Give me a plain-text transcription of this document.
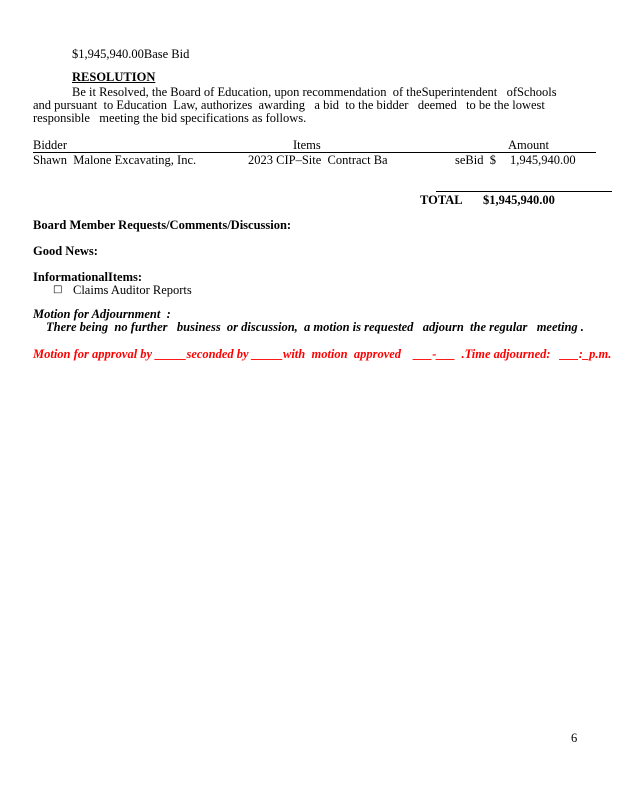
$1,945,940.00Base Bid
RESOLUTION
Be it Resolved, the Board of Education, upon recommendation  of theSuperintendent   ofSchools
and pursuant  to Education  Law, authorizes  awarding   a bid  to the bidder   deemed   to be the lowest
responsible   meeting the bid specifications as follows.
Bidder	Items	Amount
Shawn  Malone Excavating, Inc.	2023 CIP–Site  Contract Ba	seBid  $ 1,945,940.00
TOTAL $1,945,940.00
Board Member Requests/Comments/Discussion:
Good News:
InformationalItems:
□ Claims Auditor Reports
Motion for Adjournment  :
There being  no further   business  or discussion,  a motion is requested   adjourn  the regular   meeting .
Motion for approval by _____seconded by _____with  motion  approved    ___-___  .Time adjourned:   ___:_p.m.
6
